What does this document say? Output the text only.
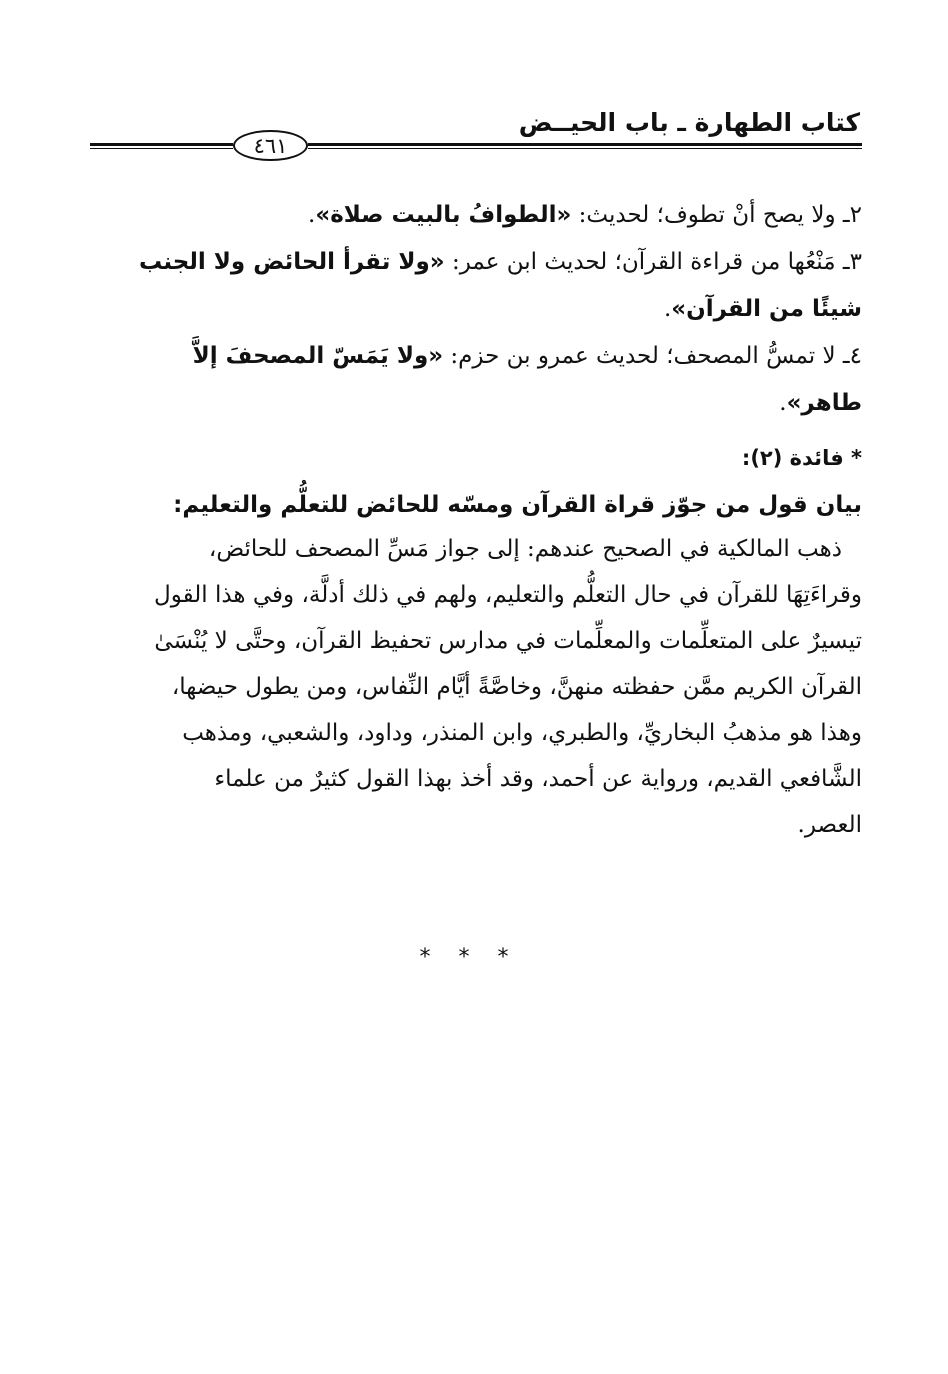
كتاب الطهارة ـ باب الحيــض
٤٦١
٢ـ ولا يصح أنْ تطوف؛ لحديث: «الطوافُ بالبيت صلاة».
٣ـ مَنْعُها من قراءة القرآن؛ لحديث ابن عمر: «ولا تقرأ الحائض ولا الجنب
شيئًا من القرآن».
٤ـ لا تمسُّ المصحف؛ لحديث عمرو بن حزم: «ولا يَمَسّ المصحفَ إلاَّ
طاهر».
* فائدة (٢):
بيان قول من جوّز قراة القرآن ومسّه للحائض للتعلُّم والتعليم:
ذهب المالكية في الصحيح عندهم: إلى جواز مَسِّ المصحف للحائض،
وقراءَتِهَا للقرآن في حال التعلُّم والتعليم، ولهم في ذلك أدلَّة، وفي هذا القول
تيسيرٌ على المتعلِّمات والمعلِّمات في مدارس تحفيظ القرآن، وحتَّى لا يُنْسَىٰ
القرآن الكريم ممَّن حفظته منهنَّ، وخاصَّةً أيَّام النِّفاس، ومن يطول حيضها،
وهذا هو مذهبُ البخاريِّ، والطبري، وابن المنذر، وداود، والشعبي، ومذهب
الشَّافعي القديم، ورواية عن أحمد، وقد أخذ بهذا القول كثيرٌ من علماء
العصر.
***
